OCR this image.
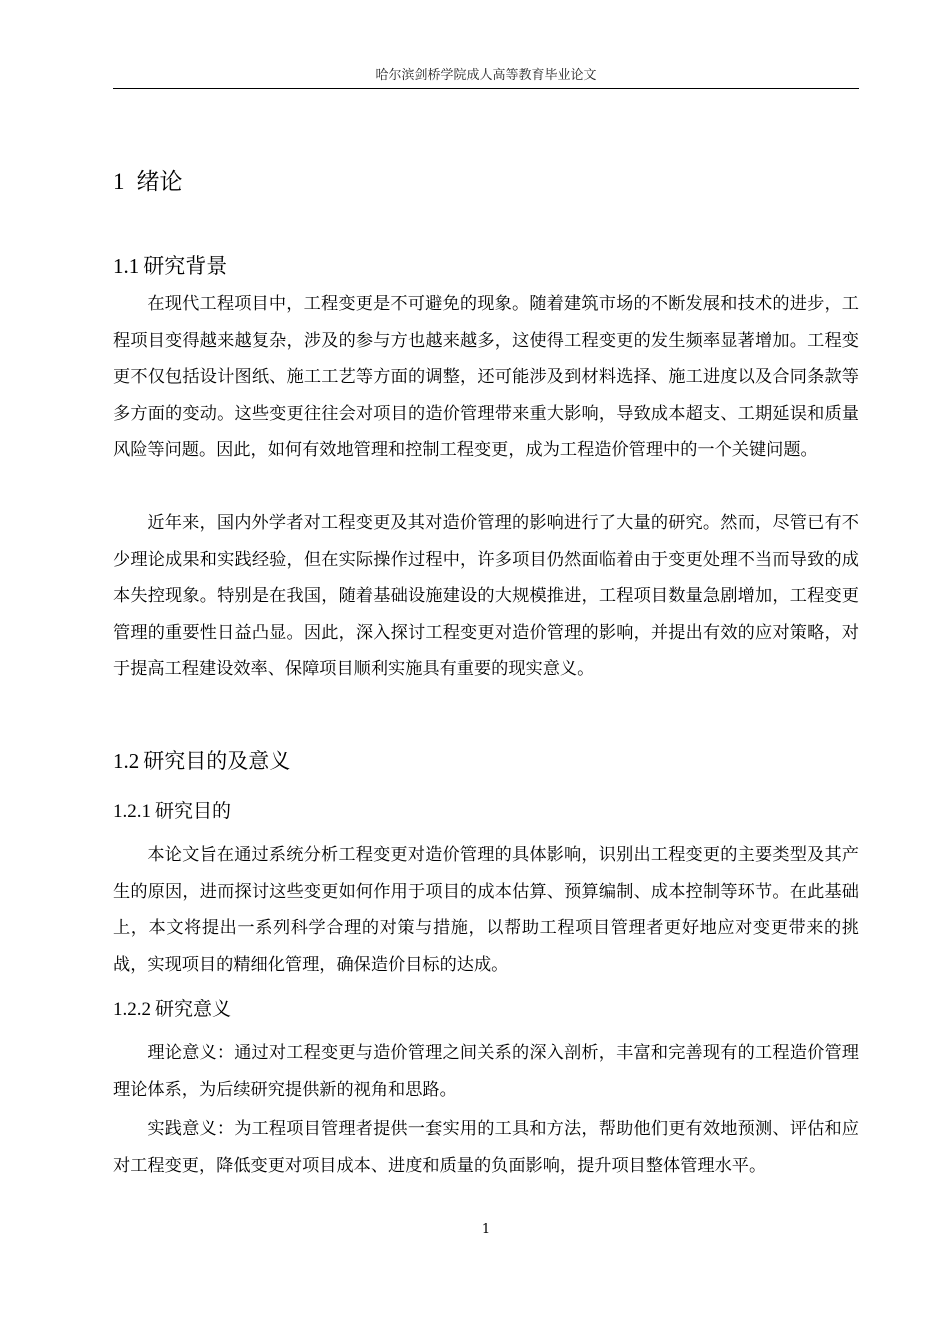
哈尔滨剑桥学院成人高等教育毕业论文
1 绪论
1.1 研究背景

在现代工程项目中，工程变更是不可避免的现象。随着建筑市场的不断发展和技术的进步，工程项目变得越来越复杂，涉及的参与方也越来越多，这使得工程变更的发生频率显著增加。工程变更不仅包括设计图纸、施工工艺等方面的调整，还可能涉及到材料选择、施工进度以及合同条款等多方面的变动。这些变更往往会对项目的造价管理带来重大影响，导致成本超支、工期延误和质量风险等问题。因此，如何有效地管理和控制工程变更，成为工程造价管理中的一个关键问题。

近年来，国内外学者对工程变更及其对造价管理的影响进行了大量的研究。然而，尽管已有不少理论成果和实践经验，但在实际操作过程中，许多项目仍然面临着由于变更处理不当而导致的成本失控现象。特别是在我国，随着基础设施建设的大规模推进，工程项目数量急剧增加，工程变更管理的重要性日益凸显。因此，深入探讨工程变更对造价管理的影响，并提出有效的应对策略，对于提高工程建设效率、保障项目顺利实施具有重要的现实意义。

1.2 研究目的及意义
1.2.1 研究目的

本论文旨在通过系统分析工程变更对造价管理的具体影响，识别出工程变更的主要类型及其产生的原因，进而探讨这些变更如何作用于项目的成本估算、预算编制、成本控制等环节。在此基础上，本文将提出一系列科学合理的对策与措施，以帮助工程项目管理者更好地应对变更带来的挑战，实现项目的精细化管理，确保造价目标的达成。

1.2.2 研究意义

理论意义：通过对工程变更与造价管理之间关系的深入剖析，丰富和完善现有的工程造价管理理论体系，为后续研究提供新的视角和思路。

实践意义：为工程项目管理者提供一套实用的工具和方法，帮助他们更有效地预测、评估和应对工程变更，降低变更对项目成本、进度和质量的负面影响，提升项目整体管理水平。

1
